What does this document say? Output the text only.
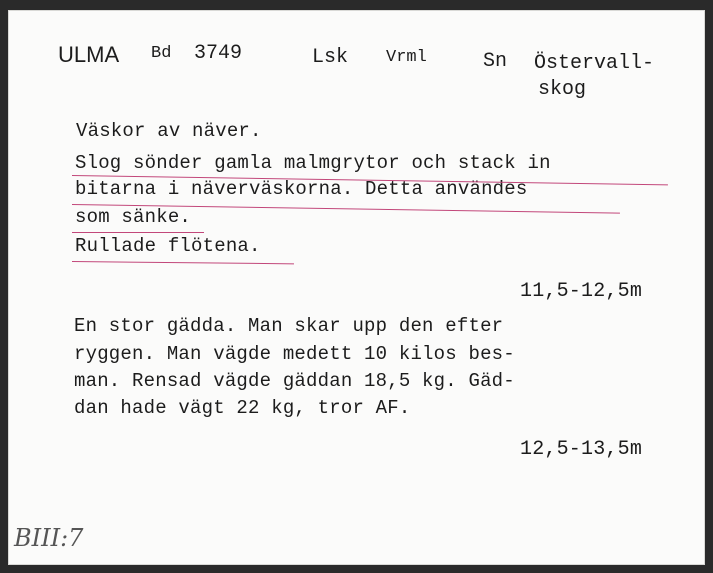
ULMA Bd 3749	Lsk Vrml	Sn Östervall-
skog
Väskor av näver.
Slog sönder gamla malmgrytor och stack in
bitarna i näverväskorna. Detta användes
som sänke.
Rullade flötena.
11,5-12,5m
En stor gädda. Man skar upp den efter
ryggen. Man vägde medett 10 kilos bes-
man. Rensad vägde gäddan 18,5 kg. Gäd-
dan hade vägt 22 kg, tror AF.
12,5-13,5m
BIII:7
